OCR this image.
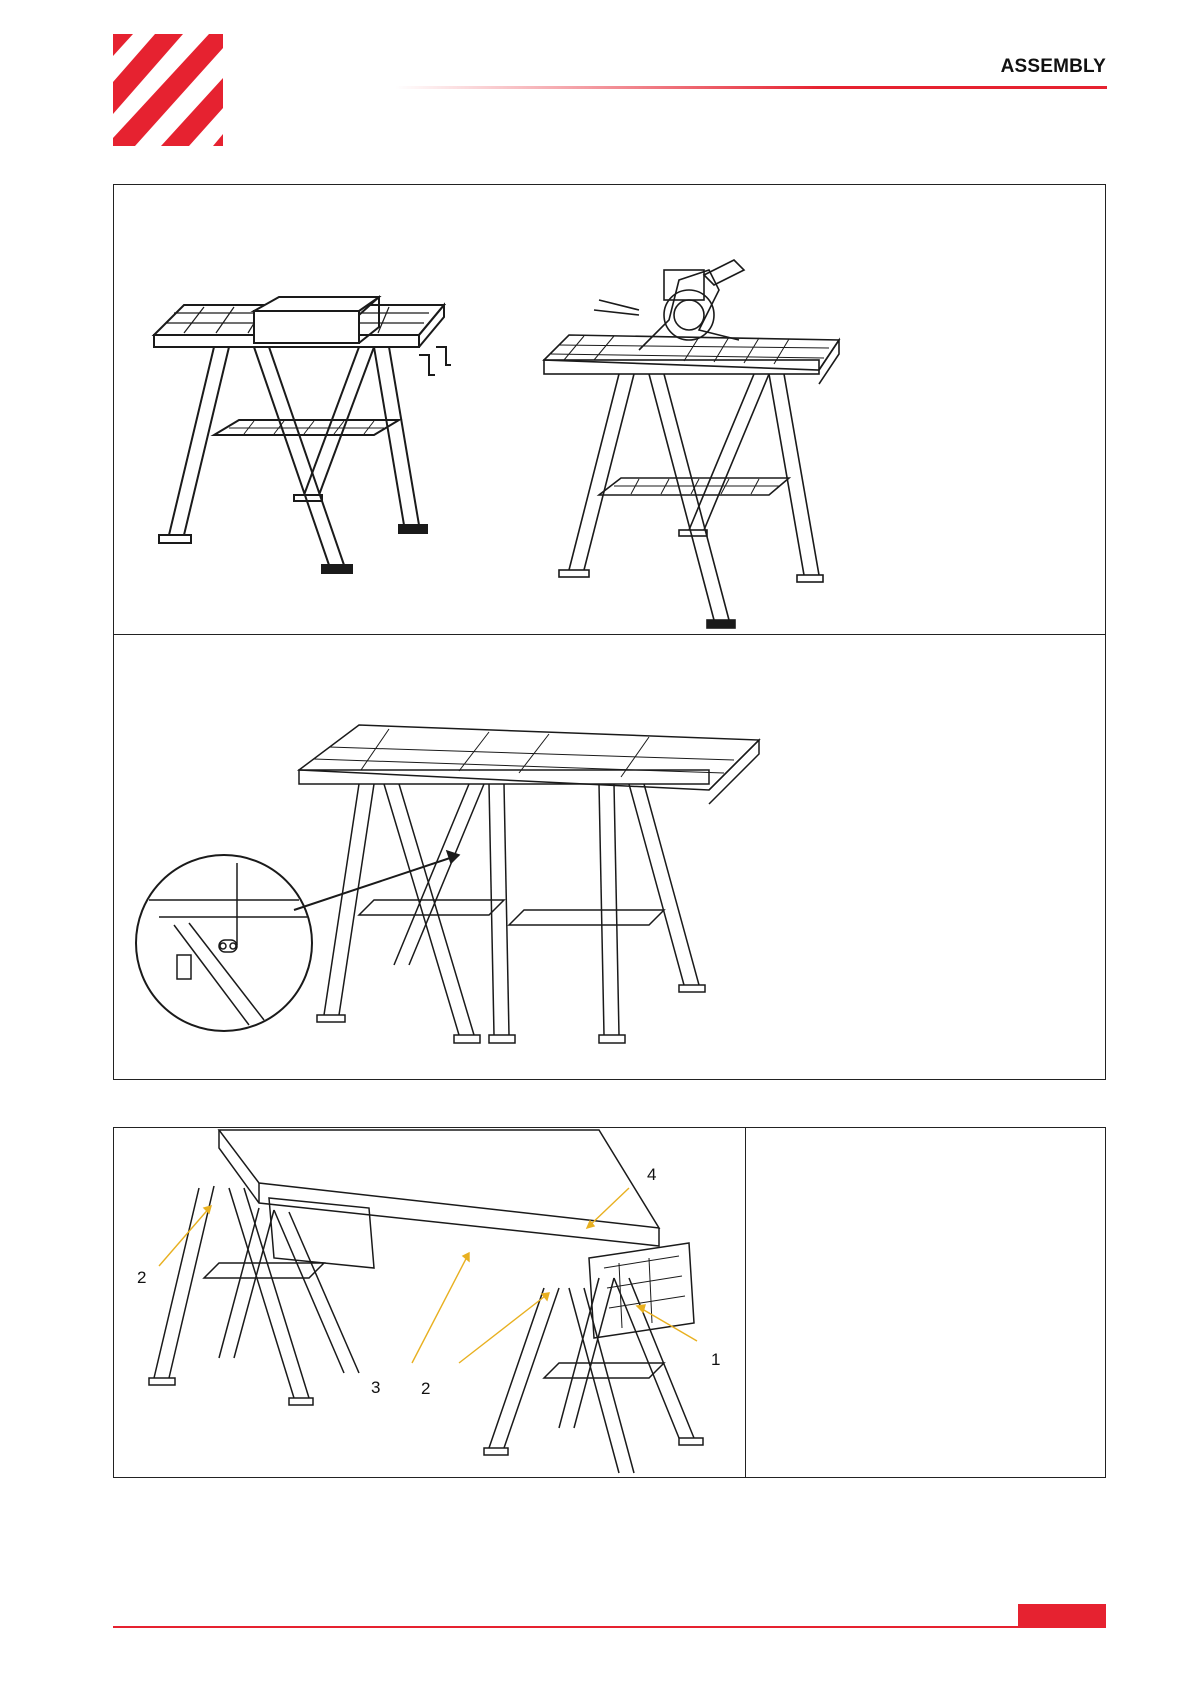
ASSEMBLY
4
2
1
3 2
